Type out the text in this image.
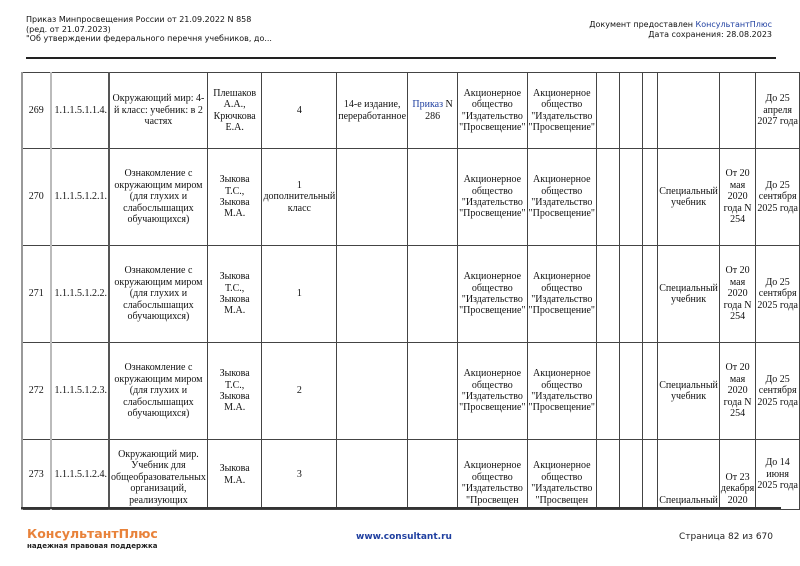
Приказ Минпросвещения России от 21.09.2022 N 858
(ред. от 21.07.2023)
"Об утверждении федерального перечня учебников, до...
Документ предоставлен КонсультантПлюс
Дата сохранения: 28.08.2023
269	1.1.1.5.1.1.4.	Окружающий мир: 4-й класс: учебник: в 2 частях	Плешаков А.А., Крючкова Е.А.	4	14-е издание, переработанное	Приказ N 286	Акционерное общество "Издательство "Просвещение"	Акционерное общество "Издательство "Просвещение"						До 25 апреля 2027 года
270	1.1.1.5.1.2.1.	Ознакомление с окружающим миром (для глухих и слабослышащих обучающихся)	Зыкова Т.С., Зыкова М.А.	1 дополнительный класс			Акционерное общество "Издательство "Просвещение"	Акционерное общество "Издательство "Просвещение"				Специальный учебник	От 20 мая 2020 года N 254	До 25 сентября 2025 года
271	1.1.1.5.1.2.2.	Ознакомление с окружающим миром (для глухих и слабослышащих обучающихся)	Зыкова Т.С., Зыкова М.А.	1			Акционерное общество "Издательство "Просвещение"	Акционерное общество "Издательство "Просвещение"				Специальный учебник	От 20 мая 2020 года N 254	До 25 сентября 2025 года
272	1.1.1.5.1.2.3.	Ознакомление с окружающим миром (для глухих и слабослышащих обучающихся)	Зыкова Т.С., Зыкова М.А.	2			Акционерное общество "Издательство "Просвещение"	Акционерное общество "Издательство "Просвещение"				Специальный учебник	От 20 мая 2020 года N 254	До 25 сентября 2025 года
273	1.1.1.5.1.2.4.	Окружающий мир. Учебник для общеобразовательных организаций, реализующих	Зыкова М.А.	3			Акционерное общество "Издательство "Просвещен	Акционерное общество "Издательство "Просвещен				Специальный	От 23 декабря 2020	До 14 июня 2025 года
КонсультантПлюс
надежная правовая поддержка
www.consultant.ru	Страница 82 из 670
